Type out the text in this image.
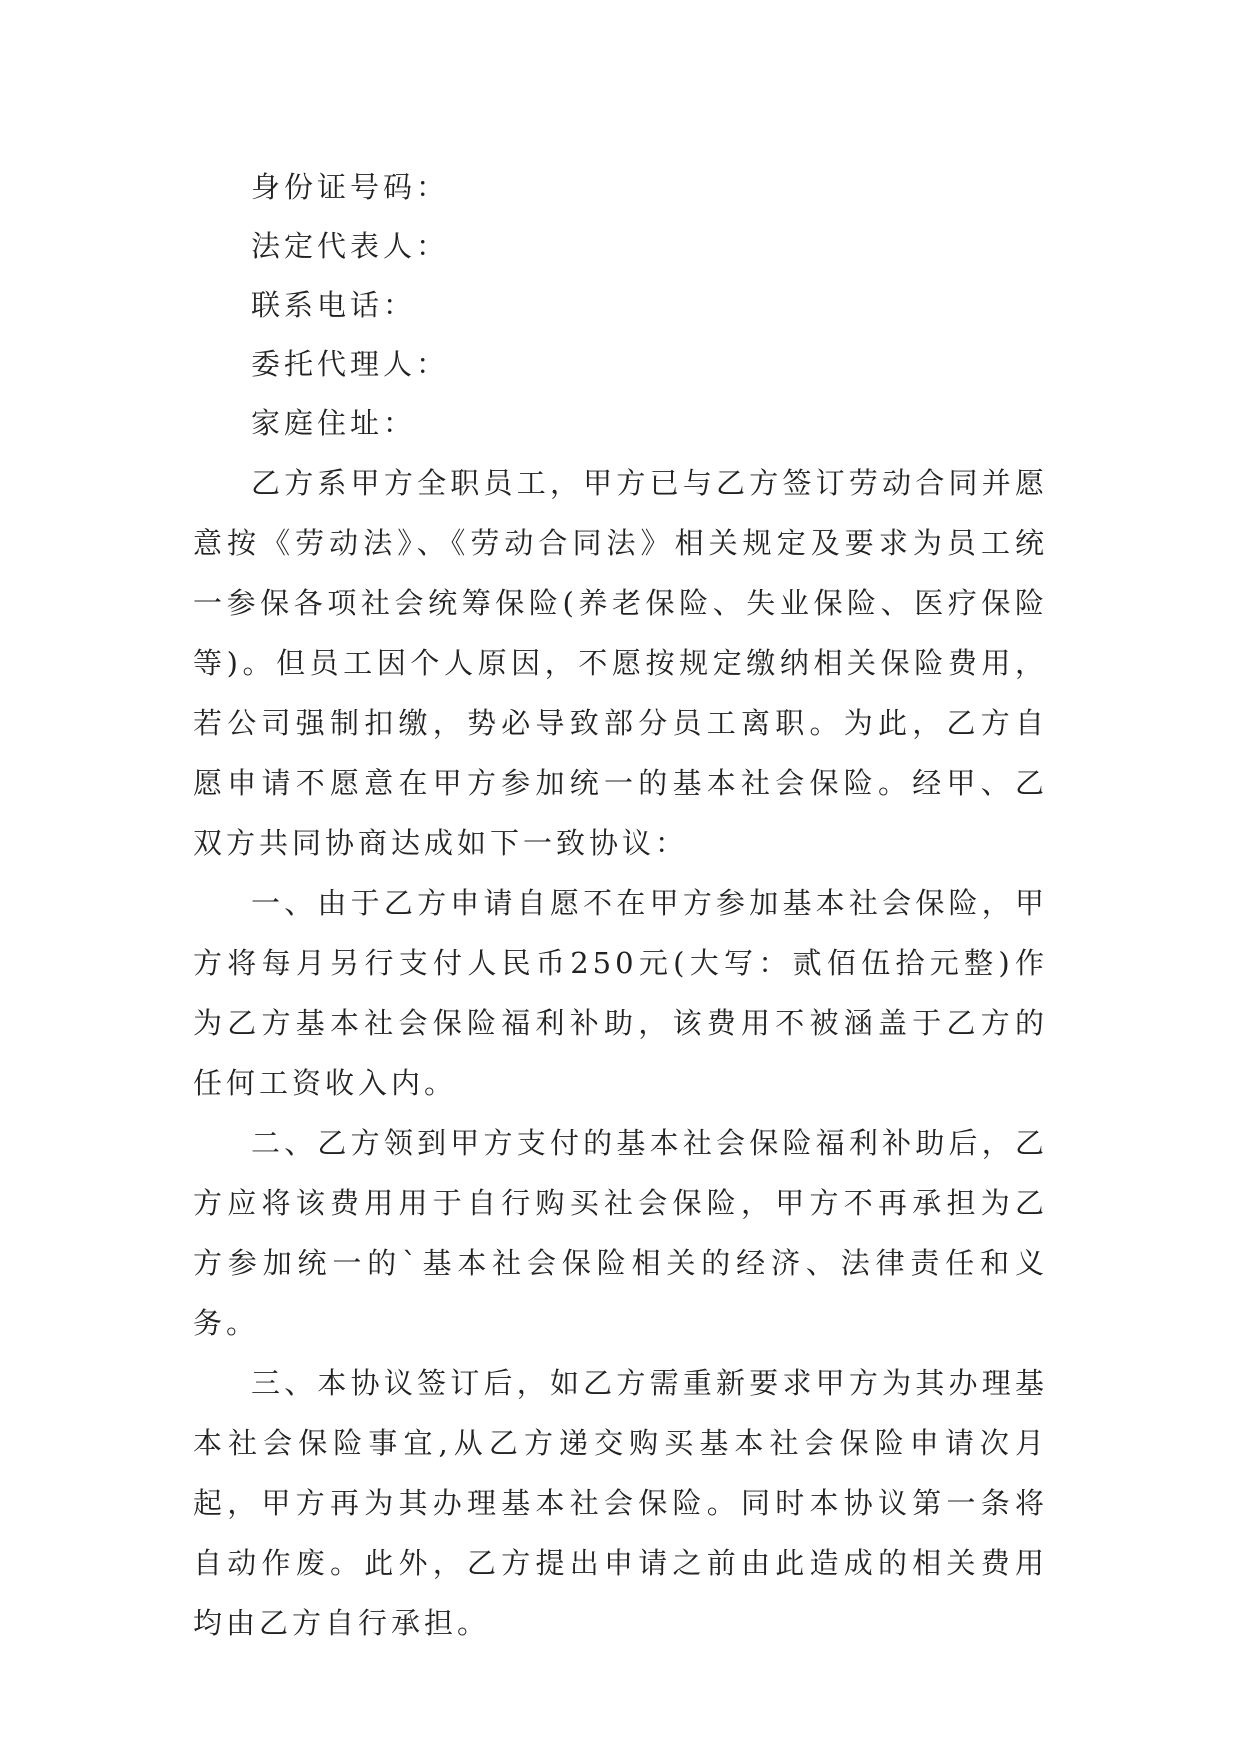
身份证号码：

法定代表人：

联系电话：

委托代理人：

家庭住址：

乙方系甲方全职员工，甲方已与乙方签订劳动合同并愿意按《劳动法》、《劳动合同法》相关规定及要求为员工统一参保各项社会统筹保险(养老保险、失业保险、医疗保险等)。但员工因个人原因，不愿按规定缴纳相关保险费用，若公司强制扣缴，势必导致部分员工离职。为此，乙方自愿申请不愿意在甲方参加统一的基本社会保险。经甲、乙双方共同协商达成如下一致协议：

一、由于乙方申请自愿不在甲方参加基本社会保险，甲方将每月另行支付人民币250元(大写：贰佰伍拾元整)作为乙方基本社会保险福利补助，该费用不被涵盖于乙方的任何工资收入内。

二、乙方领到甲方支付的基本社会保险福利补助后，乙方应将该费用用于自行购买社会保险，甲方不再承担为乙方参加统一的`基本社会保险相关的经济、法律责任和义务。

三、本协议签订后，如乙方需重新要求甲方为其办理基本社会保险事宜,从乙方递交购买基本社会保险申请次月起，甲方再为其办理基本社会保险。同时本协议第一条将自动作废。此外，乙方提出申请之前由此造成的相关费用均由乙方自行承担。
